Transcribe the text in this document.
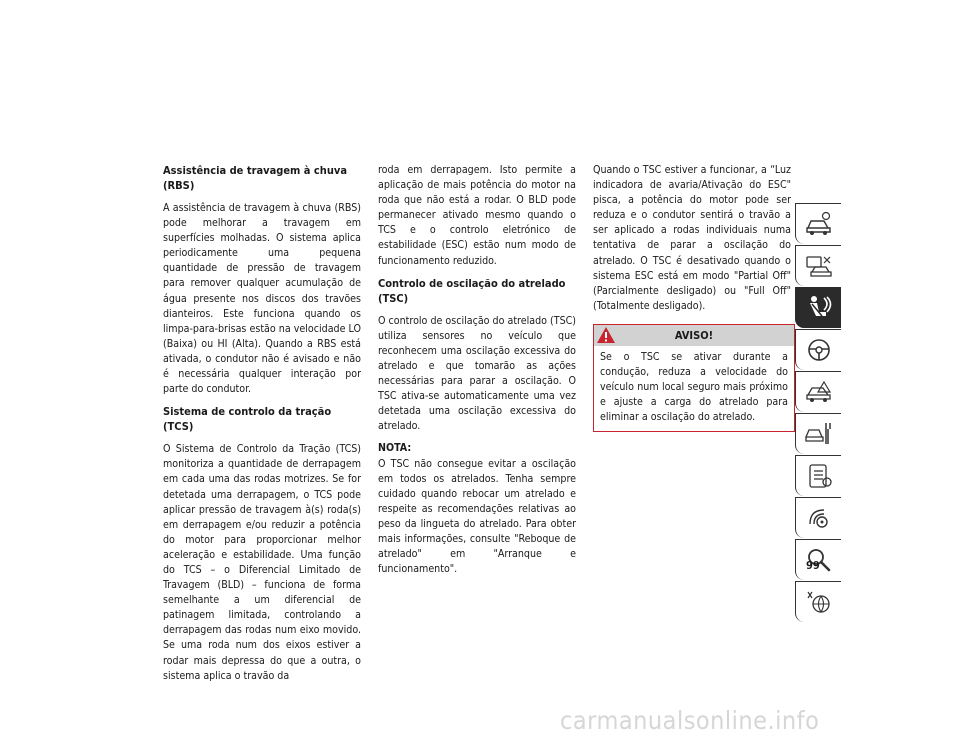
Assistência de travagem à chuva (RBS)

A assistência de travagem à chuva (RBS) pode melhorar a travagem em superfícies molhadas. O sistema aplica periodicamente uma pequena quantidade de pressão de travagem para remover qualquer acumulação de água presente nos discos dos travões dianteiros. Este funciona quando os limpa-para-brisas estão na velocidade LO (Baixa) ou HI (Alta). Quando a RBS está ativada, o condutor não é avisado e não é necessária qualquer interação por parte do condutor.

Sistema de controlo da tração (TCS)

O Sistema de Controlo da Tração (TCS) monitoriza a quantidade de derrapagem em cada uma das rodas motrizes. Se for detetada uma derrapagem, o TCS pode aplicar pressão de travagem à(s) roda(s) em derrapagem e/ou reduzir a potência do motor para proporcionar melhor aceleração e estabilidade. Uma função do TCS – o Diferencial Limitado de Travagem (BLD) – funciona de forma semelhante a um diferencial de patinagem limitada, controlando a derrapagem das rodas num eixo movido. Se uma roda num dos eixos estiver a rodar mais depressa do que a outra, o sistema aplica o travão da

roda em derrapagem. Isto permite a aplicação de mais potência do motor na roda que não está a rodar. O BLD pode permanecer ativado mesmo quando o TCS e o controlo eletrónico de estabilidade (ESC) estão num modo de funcionamento reduzido.

Controlo de oscilação do atrelado (TSC)

O controlo de oscilação do atrelado (TSC) utiliza sensores no veículo que reconhecem uma oscilação excessiva do atrelado e que tomarão as ações necessárias para parar a oscilação. O TSC ativa-se automaticamente uma vez detetada uma oscilação excessiva do atrelado.

NOTA:
O TSC não consegue evitar a oscilação em todos os atrelados. Tenha sempre cuidado quando rebocar um atrelado e respeite as recomendações relativas ao peso da lingueta do atrelado. Para obter mais informações, consulte "Reboque de atrelado" em "Arranque e funcionamento".

Quando o TSC estiver a funcionar, a “Luz indicadora de avaria/Ativação do ESC" pisca, a potência do motor pode ser reduza e o condutor sentirá o travão a ser aplicado a rodas individuais numa tentativa de parar a oscilação do atrelado. O TSC é desativado quando o sistema ESC está em modo "Partial Off" (Parcialmente desligado) ou "Full Off" (Totalmente desligado).

AVISO!

Se o TSC se ativar durante a condução, reduza a velocidade do veículo num local seguro mais próximo e ajuste a carga do atrelado para eliminar a oscilação do atrelado.

99
carmanualsonline.info
